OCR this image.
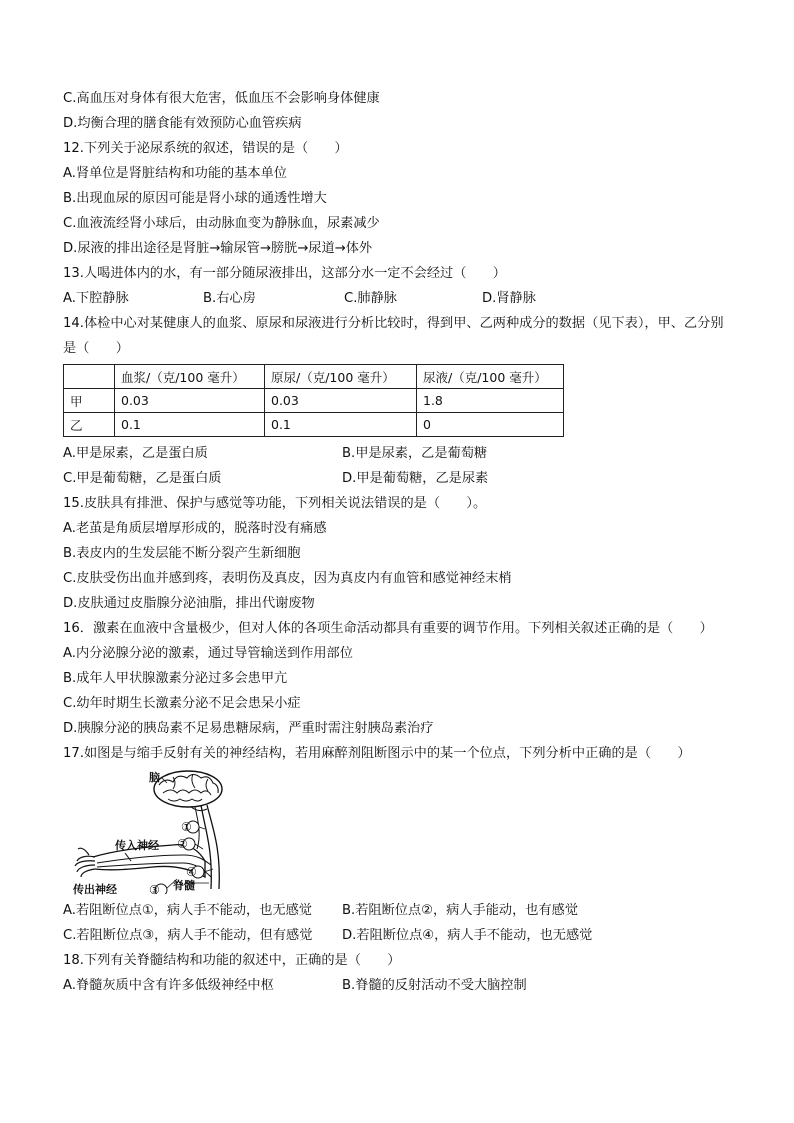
C.高血压对身体有很大危害，低血压不会影响身体健康
D.均衡合理的膳食能有效预防心血管疾病
12.下列关于泌尿系统的叙述，错误的是（　　）
A.肾单位是肾脏结构和功能的基本单位
B.出现血尿的原因可能是肾小球的通透性增大
C.血液流经肾小球后，由动脉血变为静脉血，尿素减少
D.尿液的排出途径是肾脏→输尿管→膀胱→尿道→体外
13.人喝进体内的水，有一部分随尿液排出，这部分水一定不会经过（　　）
A.下腔静脉	B.右心房	C.肺静脉	D.肾静脉
14.体检中心对某健康人的血浆、原尿和尿液进行分析比较时，得到甲、乙两种成分的数据（见下表），甲、乙分别是（　　）
	血浆/（克/100 毫升）	原尿/（克/100 毫升）	尿液/（克/100 毫升）
甲	0.03	0.03	1.8
乙	0.1	0.1	0
A.甲是尿素，乙是蛋白质	B.甲是尿素，乙是葡萄糖
C.甲是葡萄糖，乙是蛋白质	D.甲是葡萄糖，乙是尿素
15.皮肤具有排泄、保护与感觉等功能，下列相关说法错误的是（　　）。
A.老茧是角质层增厚形成的，脱落时没有痛感
B.表皮内的生发层能不断分裂产生新细胞
C.皮肤受伤出血并感到疼，表明伤及真皮，因为真皮内有血管和感觉神经末梢
D.皮肤通过皮脂腺分泌油脂，排出代谢废物
16．激素在血液中含量极少，但对人体的各项生命活动都具有重要的调节作用。下列相关叙述正确的是（　　）
A.内分泌腺分泌的激素，通过导管输送到作用部位
B.成年人甲状腺激素分泌过多会患甲亢
C.幼年时期生长激素分泌不足会患呆小症
D.胰腺分泌的胰岛素不足易患糖尿病，严重时需注射胰岛素治疗
17.如图是与缩手反射有关的神经结构，若用麻醉剂阻断图示中的某一个位点，下列分析中正确的是（　　）
脑
①
②
传入神经
④
传出神经	③ 脊髓
A.若阻断位点①，病人手不能动，也无感觉	B.若阻断位点②，病人手能动，也有感觉
C.若阻断位点③，病人手不能动，但有感觉	D.若阻断位点④，病人手不能动，也无感觉
18.下列有关脊髓结构和功能的叙述中，正确的是（　　）
A.脊髓灰质中含有许多低级神经中枢	B.脊髓的反射活动不受大脑控制
